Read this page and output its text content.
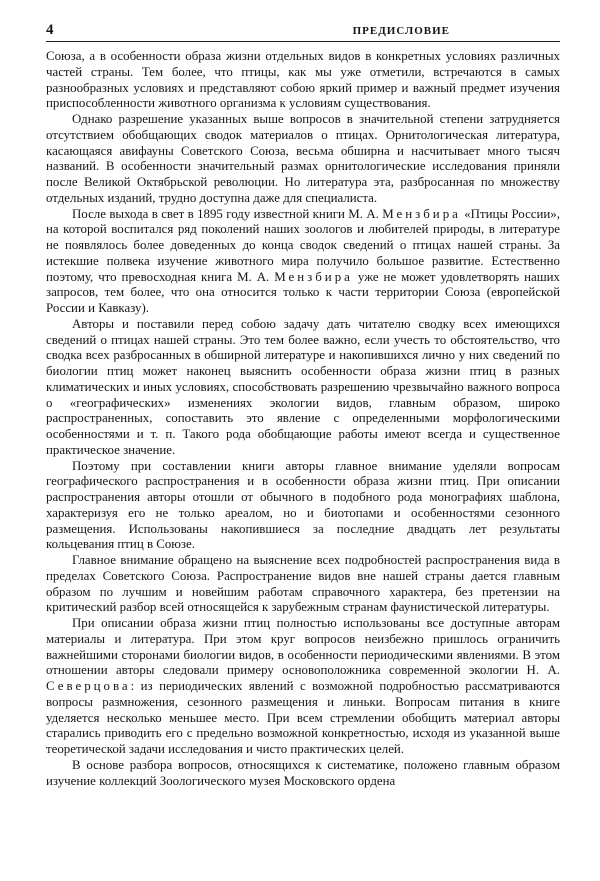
4	ПРЕДИСЛОВИЕ

Союза, а в особенности образа жизни отдельных видов в конкретных условиях различных частей страны. Тем более, что птицы, как мы уже отметили, встречаются в самых разнообразных условиях и представляют собою яркий пример и важный предмет изучения приспособленности животного организма к условиям существования.

Однако разрешение указанных выше вопросов в значительной степени затрудняется отсутствием обобщающих сводок материалов о птицах. Орнитологическая литература, касающаяся авифауны Советского Союза, весьма обширна и насчитывает много тысяч названий. В особенности значительный размах орнитологические исследования приняли после Великой Октябрьской революции. Но литература эта, разбросанная по множеству отдельных изданий, трудно доступна даже для специалиста.

После выхода в свет в 1895 году известной книги М. А. Мензбира «Птицы России», на которой воспитался ряд поколений наших зоологов и любителей природы, в литературе не появлялось более доведенных до конца сводок сведений о птицах нашей страны. За истекшие полвека изучение животного мира получило большое развитие. Естественно поэтому, что превосходная книга М. А. Мензбира уже не может удовлетворять наших запросов, тем более, что она относится только к части территории Союза (европейской России и Кавказу).

Авторы и поставили перед собою задачу дать читателю сводку всех имеющихся сведений о птицах нашей страны. Это тем более важно, если учесть то обстоятельство, что сводка всех разбросанных в обширной литературе и накопившихся лично у них сведений по биологии птиц может наконец выяснить особенности образа жизни птиц в разных климатических и иных условиях, способствовать разрешению чрезвычайно важного вопроса о «географических» изменениях экологии видов, главным образом, широко распространенных, сопоставить это явление с определенными морфологическими особенностями и т. п. Такого рода обобщающие работы имеют всегда и существенное практическое значение.

Поэтому при составлении книги авторы главное внимание уделяли вопросам географического распространения и в особенности образа жизни птиц. При описании распространения авторы отошли от обычного в подобного рода монографиях шаблона, характеризуя его не только ареалом, но и биотопами и особенностями сезонного размещения. Использованы накопившиеся за последние двадцать лет результаты кольцевания птиц в Союзе.

Главное внимание обращено на выяснение всех подробностей распространения вида в пределах Советского Союза. Распространение видов вне нашей страны дается главным образом по лучшим и новейшим работам справочного характера, без претензии на критический разбор всей относящейся к зарубежным странам фаунистической литературы.

При описании образа жизни птиц полностью использованы все доступные авторам материалы и литература. При этом круг вопросов неизбежно пришлось ограничить важнейшими сторонами биологии видов, в особенности периодическими явлениями. В этом отношении авторы следовали примеру основоположника современной экологии Н. А. Северцова: из периодических явлений с возможной подробностью рассматриваются вопросы размножения, сезонного размещения и линьки. Вопросам питания в книге уделяется несколько меньшее место. При всем стремлении обобщить материал авторы старались приводить его с предельно возможной конкретностью, исходя из указанной выше теоретической задачи исследования и чисто практических целей.

В основе разбора вопросов, относящихся к систематике, положено главным образом изучение коллекций Зоологического музея Московского ордена
